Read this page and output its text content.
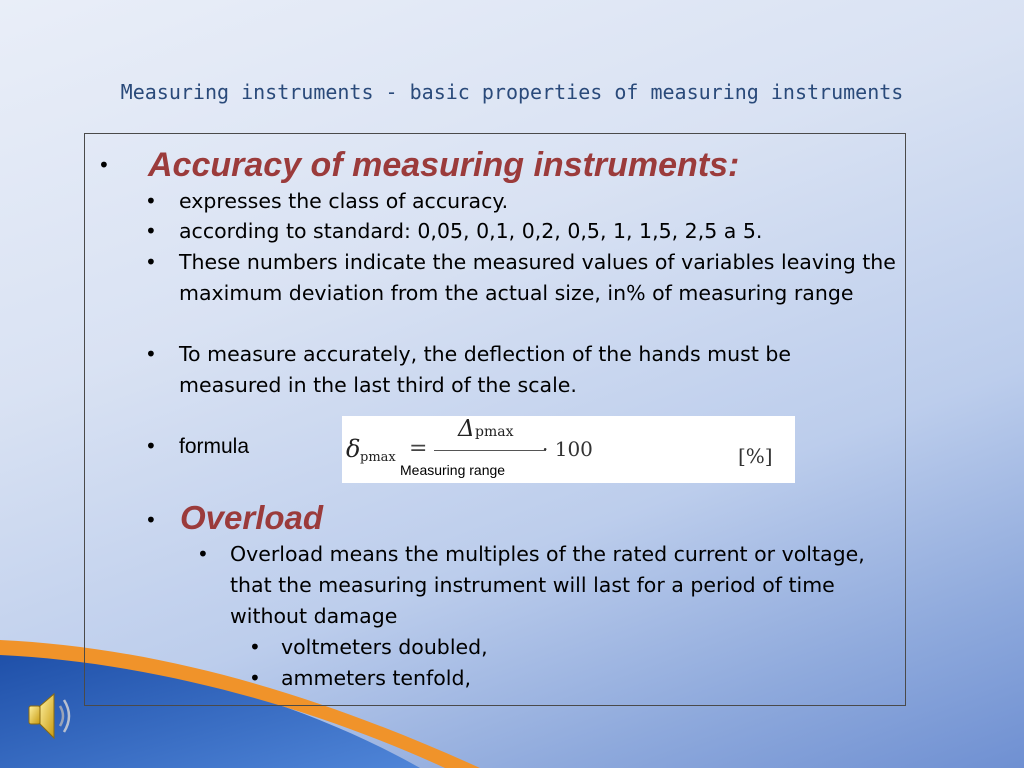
Measuring instruments - basic properties of measuring instruments
• Accuracy of measuring instruments:
• expresses the class of accuracy.
• according to standard: 0,05, 0,1, 0,2, 0,5, 1, 1,5, 2,5 a 5.
• These numbers indicate the measured values of variables leaving the maximum deviation from the actual size, in% of measuring range
• To measure accurately, the deflection of the hands must be measured in the last third of the scale.
• formula	δ pmax =
Δ pmax
Measuring range
· 100	[%]
• Overload
• Overload means the multiples of the rated current or voltage, that the measuring instrument will last for a period of time without damage
• voltmeters doubled,
• ammeters tenfold,
